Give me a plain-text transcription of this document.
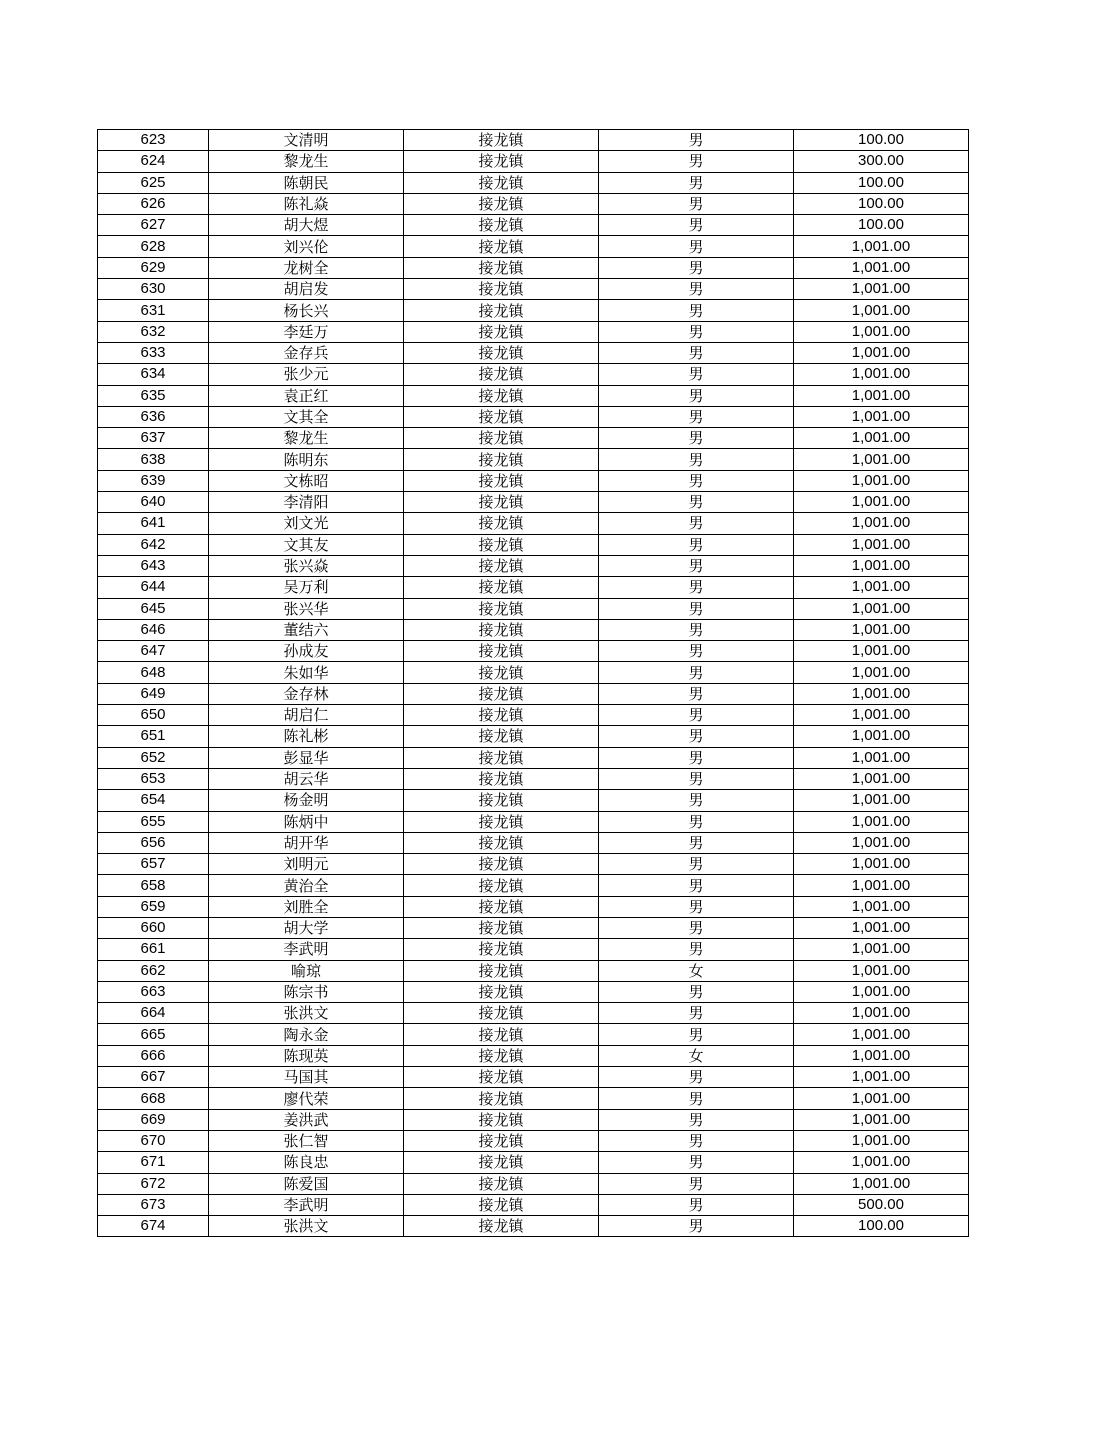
623	文清明	接龙镇	男	100.00
624	黎龙生	接龙镇	男	300.00
625	陈朝民	接龙镇	男	100.00
626	陈礼焱	接龙镇	男	100.00
627	胡大煜	接龙镇	男	100.00
628	刘兴伦	接龙镇	男	1,001.00
629	龙树全	接龙镇	男	1,001.00
630	胡启发	接龙镇	男	1,001.00
631	杨长兴	接龙镇	男	1,001.00
632	李廷万	接龙镇	男	1,001.00
633	金存兵	接龙镇	男	1,001.00
634	张少元	接龙镇	男	1,001.00
635	袁正红	接龙镇	男	1,001.00
636	文其全	接龙镇	男	1,001.00
637	黎龙生	接龙镇	男	1,001.00
638	陈明东	接龙镇	男	1,001.00
639	文栋昭	接龙镇	男	1,001.00
640	李清阳	接龙镇	男	1,001.00
641	刘文光	接龙镇	男	1,001.00
642	文其友	接龙镇	男	1,001.00
643	张兴焱	接龙镇	男	1,001.00
644	吴万利	接龙镇	男	1,001.00
645	张兴华	接龙镇	男	1,001.00
646	董结六	接龙镇	男	1,001.00
647	孙成友	接龙镇	男	1,001.00
648	朱如华	接龙镇	男	1,001.00
649	金存林	接龙镇	男	1,001.00
650	胡启仁	接龙镇	男	1,001.00
651	陈礼彬	接龙镇	男	1,001.00
652	彭显华	接龙镇	男	1,001.00
653	胡云华	接龙镇	男	1,001.00
654	杨金明	接龙镇	男	1,001.00
655	陈炳中	接龙镇	男	1,001.00
656	胡开华	接龙镇	男	1,001.00
657	刘明元	接龙镇	男	1,001.00
658	黄治全	接龙镇	男	1,001.00
659	刘胜全	接龙镇	男	1,001.00
660	胡大学	接龙镇	男	1,001.00
661	李武明	接龙镇	男	1,001.00
662	喻琼	接龙镇	女	1,001.00
663	陈宗书	接龙镇	男	1,001.00
664	张洪文	接龙镇	男	1,001.00
665	陶永金	接龙镇	男	1,001.00
666	陈现英	接龙镇	女	1,001.00
667	马国其	接龙镇	男	1,001.00
668	廖代荣	接龙镇	男	1,001.00
669	姜洪武	接龙镇	男	1,001.00
670	张仁智	接龙镇	男	1,001.00
671	陈良忠	接龙镇	男	1,001.00
672	陈爱国	接龙镇	男	1,001.00
673	李武明	接龙镇	男	500.00
674	张洪文	接龙镇	男	100.00
